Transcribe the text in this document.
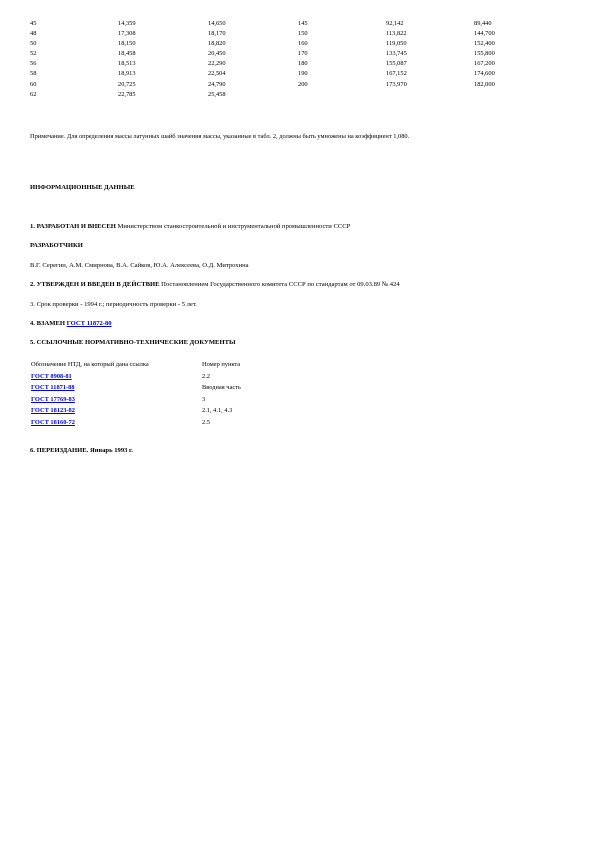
45	14,359	14,650	145	92,142	89,440
48	17,308	18,170	150	113,822	144,700
50	18,150	18,820	160	119,050	152,400
52	18,458	20,450	170	133,745	155,800
56	18,513	22,290	180	155,087	167,200
58	18,913	22,504	190	167,152	174,600
60	20,725	24,790	200	173,970	182,000
62	22,785	25,458			
Примечание. Для определения массы латунных шайб значения массы, указанные в табл. 2, должны быть умножены на коэффициент 1,080.
ИНФОРМАЦИОННЫЕ ДАННЫЕ
1. РАЗРАБОТАН И ВНЕСЕН Министерством станкостроительной и инструментальной промышленности СССР
РАЗРАБОТЧИКИ
В.Г. Серегин, А.М. Смирнова, В.А. Сайков, Ю.А. Алексеева, О.Д. Митрохина
2. УТВЕРЖДЕН И ВВЕДЕН В ДЕЙСТВИЕ Постановлением Государственного комитета СССР по стандартам от 09.03.89 № 424
3. Срок проверки - 1994 г.; периодичность проверки - 5 лет.
4. ВЗАМЕН ГОСТ 11872-80
5. ССЫЛОЧНЫЕ НОРМАТИВНО-ТЕХНИЧЕСКИЕ ДОКУМЕНТЫ
Обозначение НТД, на который дана ссылка	Номер пункта
ГОСТ 8908-81	2.2
ГОСТ 11871-88	Вводная часть
ГОСТ 17769-83	3
ГОСТ 18123-82	2.1, 4.1, 4.3
ГОСТ 18160-72	2.5
6. ПЕРЕИЗДАНИЕ. Январь 1993 г.
